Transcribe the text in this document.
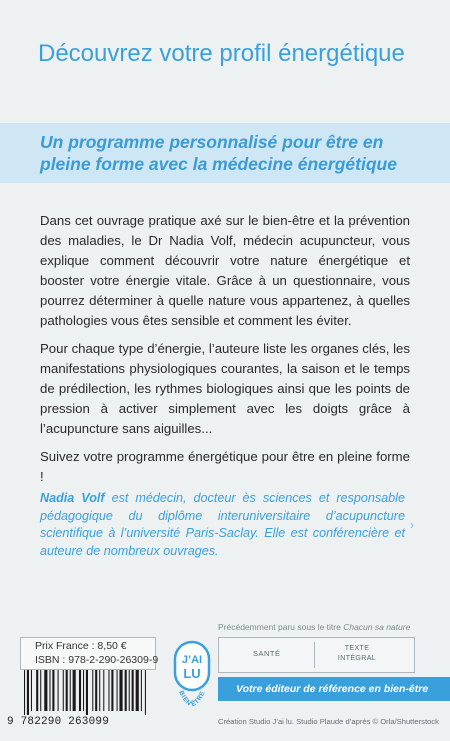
Découvrez votre profil énergétique
Un programme personnalisé pour être en pleine forme avec la médecine énergétique

Dans cet ouvrage pratique axé sur le bien-être et la prévention des maladies, le Dr Nadia Volf, médecin acupuncteur, vous explique comment découvrir votre nature énergétique et booster votre énergie vitale. Grâce à un questionnaire, vous pourrez déterminer à quelle nature vous appartenez, à quelles pathologies vous êtes sensible et comment les éviter.

Pour chaque type d’énergie, l’auteure liste les organes clés, les manifestations physiologiques courantes, la saison et le temps de prédilection, les rythmes biologiques ainsi que les points de pression à activer simplement avec les doigts grâce à l’acupuncture sans aiguilles...

Suivez votre programme énergétique pour être en pleine forme !

Nadia Volf est médecin, docteur ès sciences et responsable pédagogique du diplôme interuniversitaire d’acupuncture scientifique à l’université Paris-Saclay. Elle est conférencière et auteure de nombreux ouvrages.
›

Précédemment paru sous le titre Chacun sa nature

SANTÉ
TEXTE
INTÉGRAL
Votre éditeur de référence en bien-être
Création Studio J’ai lu. Studio Plaude d’après © Orla/Shutterstock
Prix France : 8,50 €
ISBN : 978-2-290-26309-9
9 782290 263099
J’AI
LU
BIEN ÊTRE
